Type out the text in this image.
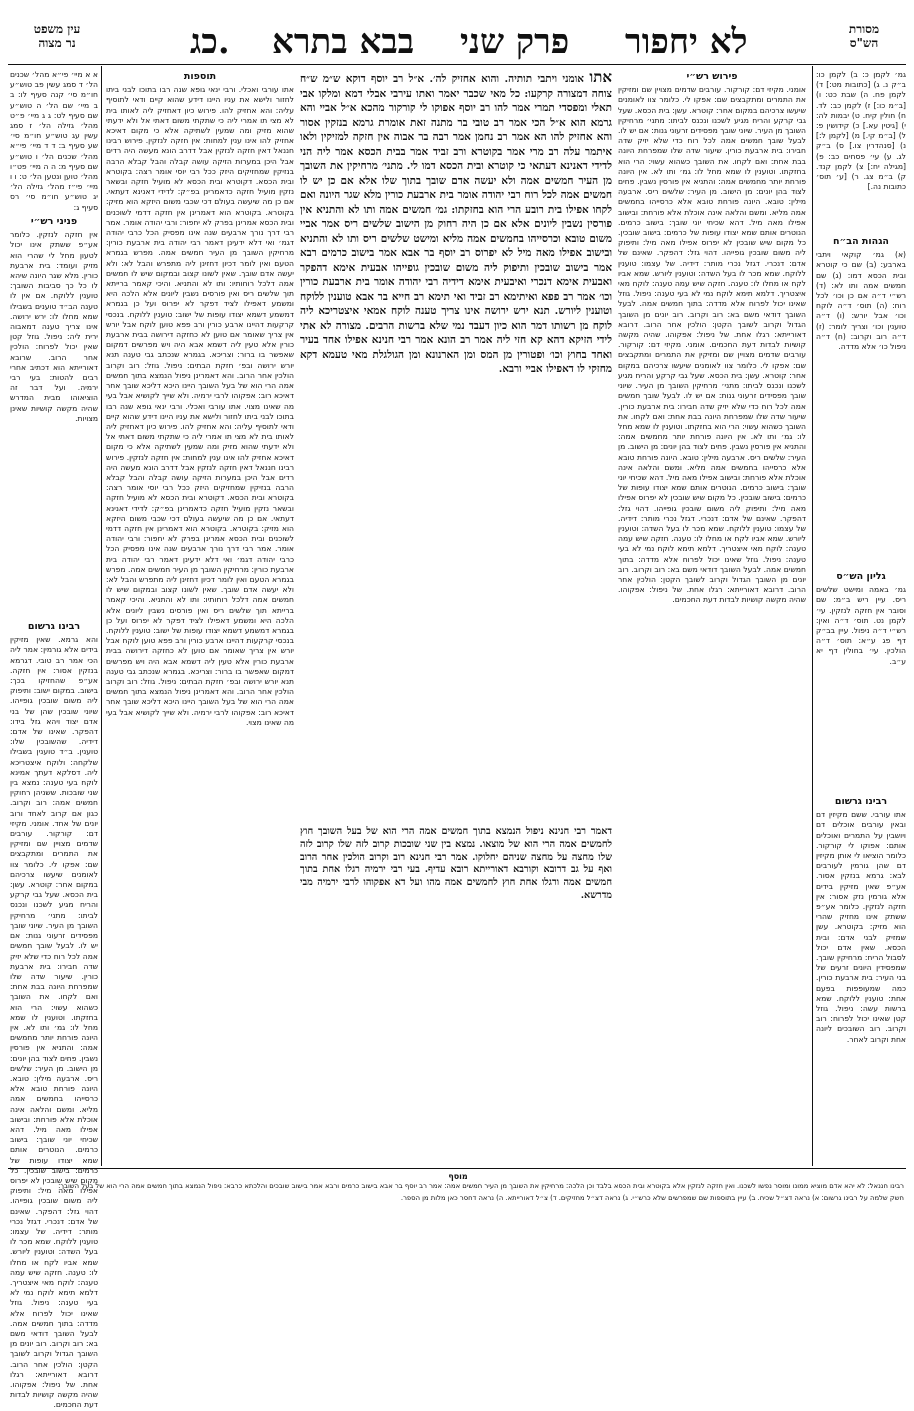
עין משפט
נר מצוה	כג. בבא בתרא פרק שני לא יחפור	מסורת
הש"ס
א א מיי׳ פי״א מהל׳ שכנים הל׳ ד סמג עשין פב טוש״ע חו״מ סי׳ קנה סעיף לו: ב ב מיי׳ שם הל׳ ה טוש״ע שם סעיף לט: ג ג מיי׳ פ״ט מהל׳ גזילה הל׳ ז סמג עשין עג טוש״ע חו״מ סי׳ שע סעיף ב: ד ד מיי׳ פי״א מהל׳ שכנים הל׳ ו טוש״ע שם סעיף מ: ה ה מיי׳ פט״ו מהל׳ טוען ונטען הל׳ ט: ו ו מיי׳ פי״ז מהל׳ גזילה הל׳ יג טוש״ע חו״מ סי׳ רס סעיף ג:
פניני רש״י
אין חזקה לנזקין. כלומר אע״פ ששתק אינו יכול לטעון מחל לי שהרי הוא מזיק ועומד: בית ארבעת כורין. מלא שגר היונה שיהא לו כל כך סביבות השובך: טוענין ללוקח. אם אין לו טענה הב״ד טוענים בשבילו שמא מחלו לו: ירש ירושה. אינו צריך טענה דמאבוה ירית ליה: ניפול. גוזל קטן שאין יכול לפרוח: הולכין אחר הרוב. שרובא דאורייתא הוא דכתיב אחרי רבים להטות: בעי רבי ירמיה. ועל דבר זה הוציאוהו מבית המדרש שהיה מקשה קושיות שאינן מצויות.
רבינו גרשום
והא גרמא. שאין מזיקין בידים אלא גורמין: אמר ליה הכי אמר רב טובי. דגרמא בנזקין אסור: אין חזקה. אע״פ שהחזיקו בכך: בישוב. במקום ישוב: ותיפוק ליה משום שובכין גופייהו. שיוני שובכין שהן של בני אדם יצוד ויהא גזל בידו: דהפקר. שאינו של אדם: דידיה. שהשובכין שלו: טוענין. ב״ד טוענין בשבילו שלקחה: ולוקח איצטריכא ליה. דסלקא דעתך אמינא לוקח בעי טענה: נמצא בין שני שובכות. ששניהן רחוקין חמשים אמה: רוב וקרוב. כגון אם קרוב לאחד ורוב יונים של אחד. אומני. מקיזי דם: קורקור. עורבים שדמים מצויין שם ומזיקין את התמרים ומתקבצים שם: אפקו לי. כלומר צוו לאומנים שיעשו צרכיהם במקום אחר: קוטרא. עשן: בית הכסא. שעל גבי קרקע והריח מגיע לשכנו ונכנס לביתו: מתני׳ מרחיקין השובך מן העיר. שיוני שובך מפסידים זרעוני גנות: אם יש לו. לבעל שובך חמשים אמה לכל רוח כדי שלא יזיק שדה חבירו: בית ארבעת כורין. שיעור שדה שלו שמפרחת היונה בבת אחת: ואם לקחו. את השובך כשהוא עשוי: הרי הוא בחזקתו. וטוענין לו שמא מחל לו: גמ׳ ותו לא. אין היונה פורחת יותר מחמשים אמה: והתניא אין פורסין נשבין. פחים לצוד בהן יונים: מן הישוב. מן העיר: שלשים ריס. ארבעה מילין: טובא. היונה פורחת טובא אלא כרסייהו בחמשים אמה מליא. ומשם והלאה אינה אוכלת אלא פורחת: ובישוב אפילו מאה מיל. דהא שכיחי יוני שובך: בישוב כרמים. הנוטרים אותם שמא יצודו עופות של כרמים: בישוב שובכין. כל מקום שיש שובכין לא יפרוס אפילו מאה מיל: ותיפוק ליה משום שובכין גופייהו. דהוי גזל: דהפקר. שאינם של אדם: דנכרי. דגזל נכרי מותר: דידיה. של עצמו: טוענין ללוקח. שמא מכר לו בעל השדה: וטוענין ליורש. שמא אביו לקח או מחלו לו: טענה. חזקה שיש עמה טענה: לוקח מאי איצטריך. דלמא תימא לוקח נמי לא בעי טענה: ניפול. גוזל שאינו יכול לפרוח אלא מדדה: בתוך חמשים אמה. לבעל השובך דודאי משם בא: רוב וקרוב. רוב יונים מן השובך הגדול וקרוב לשובך הקטן: הולכין אחר הרוב. דרובא דאורייתא: רגלו אחת. של ניפול: אפקוהו. שהיה מקשה קושיות לבדות דעת החכמים.
תוספות
אתו עורבי ואכלי. ורבי ינאי גופא שנה רבו בתוכו לבני ביתו לחזור ולישא את עניו היינו דידע שהוא קיים ודאי לתוסיף עליה: והא אחזיק להו. פירוש כיון דאחזיק ליה לאותו בית לא מצי תו אמרי ליה כי שתקתי משום דאתי אל ולא ידעתי שהוא מזיק ומה שמעין לשתיקה אלא כי מקום דאיכא אחזיק להו אינו ענין למחות: אין חזקה לנזקין. פירוש רבינו חננאל דאין חזקה לנזקין אבל דדרב הונא מעשה היה רדים אבל היכן במערות הזיקה עושה קבלה והבל קבלא הרבה בנזיקין שמחזיקים היזק ככל רבי יוסי אומר רצה: בקוטרא ובית הכסא. דקוטרא ובית הכסא לא מועיל חזקה ובשאר נזקין מועיל חזקה כדאמרינן בפ״ק: לדידי דאנינא דעתאי. אם כן מה שיעשה בעולם דכי שכבי משום היזקא הוא מזיק: בקוטרא. בקוטרא הוא דאמרינן אין חזקה דדמי לשוכנים ובית הכסא אמרינן בפרק לא יחפור: ורבי יהודה אומר. אמר רבי דרך נורך ארבעים שנה אינו מפסיק הכל כרבי יהודה דגמ׳ ואי דלא ידעינן דאמר רבי יהודה בית ארבעת כורין: מרחיקין השובך מן העיר חמשים אמה. מפרש בגמרא הטעם ואין לומר דכיון דחזינן ליה מתפרש והבל לא: ולא יעשה אדם שובך. שאין לשונו קצוב ובמקום שיש לו חמשים אמה דלכל רוחותיו: ותו לא והתניא. והיכי קאמר ברייתא תוך שלשים ריס ואין פורסים נשבין ליונים אלא הלכה היא ומשמע דאפילו לציד דפקר לא יפרוס ועל כן בגמרא דמשמע דשמא יצודו עופות של ישוב: טוענין ללוקח. בנכסי קרקעות דהיינו ארבע כורין ורב פפא טוען לוקח אבל יורש אין צריך שאומר אם טוען לא כחזקה דירושה בבית ארבעת כורין אלא טעין ליה דשמא אבא היה ויש מפרשים דמקום שאפשר בו ברור: וצריכא. בגמרא שנכתב גבי טענה תנא יורש ירושה ובפ׳ חזקת הבתים: ניפול. גוזל: רוב וקרוב הולכין אחר הרוב. והא דאמרינן ניפול הנמצא בתוך חמשים אמה הרי הוא של בעל השובך היינו היכא דליכא שובך אחר דאיכא רוב: אפקוהו לרבי ירמיה. ולא שייך לקושיא אבל בעי מה שאינו מצוי. אתו עורבי ואכלי. ורבי ינאי גופא שנה רבו בתוכו לבני ביתו לחזור ולישא את עניו היינו דידע שהוא קיים ודאי לתוסיף עליה: והא אחזיק להו. פירוש כיון דאחזיק ליה לאותו בית לא מצי תו אמרי ליה כי שתקתי משום דאתי אל ולא ידעתי שהוא מזיק ומה שמעין לשתיקה אלא כי מקום דאיכא אחזיק להו אינו ענין למחות: אין חזקה לנזקין. פירוש רבינו חננאל דאין חזקה לנזקין אבל דדרב הונא מעשה היה רדים אבל היכן במערות הזיקה עושה קבלה והבל קבלא הרבה בנזיקין שמחזיקים היזק ככל רבי יוסי אומר רצה: בקוטרא ובית הכסא. דקוטרא ובית הכסא לא מועיל חזקה ובשאר נזקין מועיל חזקה כדאמרינן בפ״ק: לדידי דאנינא דעתאי. אם כן מה שיעשה בעולם דכי שכבי משום היזקא הוא מזיק: בקוטרא. בקוטרא הוא דאמרינן אין חזקה דדמי לשוכנים ובית הכסא אמרינן בפרק לא יחפור: ורבי יהודה אומר. אמר רבי דרך נורך ארבעים שנה אינו מפסיק הכל כרבי יהודה דגמ׳ ואי דלא ידעינן דאמר רבי יהודה בית ארבעת כורין: מרחיקין השובך מן העיר חמשים אמה. מפרש בגמרא הטעם ואין לומר דכיון דחזינן ליה מתפרש והבל לא: ולא יעשה אדם שובך. שאין לשונו קצוב ובמקום שיש לו חמשים אמה דלכל רוחותיו: ותו לא והתניא. והיכי קאמר ברייתא תוך שלשים ריס ואין פורסים נשבין ליונים אלא הלכה היא ומשמע דאפילו לציד דפקר לא יפרוס ועל כן בגמרא דמשמע דשמא יצודו עופות של ישוב: טוענין ללוקח. בנכסי קרקעות דהיינו ארבע כורין ורב פפא טוען לוקח אבל יורש אין צריך שאומר אם טוען לא כחזקה דירושה בבית ארבעת כורין אלא טעין ליה דשמא אבא היה ויש מפרשים דמקום שאפשר בו ברור: וצריכא. בגמרא שנכתב גבי טענה תנא יורש ירושה ובפ׳ חזקת הבתים: ניפול. גוזל: רוב וקרוב הולכין אחר הרוב. והא דאמרינן ניפול הנמצא בתוך חמשים אמה הרי הוא של בעל השובך היינו היכא דליכא שובך אחר דאיכא רוב: אפקוהו לרבי ירמיה. ולא שייך לקושיא אבל בעי מה שאינו מצוי.
פירוש רש״י
אומני. מקיזי דם: קורקור. עורבים שדמים מצויין שם ומזיקין את התמרים ומתקבצים שם: אפקו לי. כלומר צוו לאומנים שיעשו צרכיהם במקום אחר: קוטרא. עשן: בית הכסא. שעל גבי קרקע והריח מגיע לשכנו ונכנס לביתו: מתני׳ מרחיקין השובך מן העיר. שיוני שובך מפסידים זרעוני גנות: אם יש לו. לבעל שובך חמשים אמה לכל רוח כדי שלא יזיק שדה חבירו: בית ארבעת כורין. שיעור שדה שלו שמפרחת היונה בבת אחת: ואם לקחו. את השובך כשהוא עשוי: הרי הוא בחזקתו. וטוענין לו שמא מחל לו: גמ׳ ותו לא. אין היונה פורחת יותר מחמשים אמה: והתניא אין פורסין נשבין. פחים לצוד בהן יונים: מן הישוב. מן העיר: שלשים ריס. ארבעה מילין: טובא. היונה פורחת טובא אלא כרסייהו בחמשים אמה מליא. ומשם והלאה אינה אוכלת אלא פורחת: ובישוב אפילו מאה מיל. דהא שכיחי יוני שובך: בישוב כרמים. הנוטרים אותם שמא יצודו עופות של כרמים: בישוב שובכין. כל מקום שיש שובכין לא יפרוס אפילו מאה מיל: ותיפוק ליה משום שובכין גופייהו. דהוי גזל: דהפקר. שאינם של אדם: דנכרי. דגזל נכרי מותר: דידיה. של עצמו: טוענין ללוקח. שמא מכר לו בעל השדה: וטוענין ליורש. שמא אביו לקח או מחלו לו: טענה. חזקה שיש עמה טענה: לוקח מאי איצטריך. דלמא תימא לוקח נמי לא בעי טענה: ניפול. גוזל שאינו יכול לפרוח אלא מדדה: בתוך חמשים אמה. לבעל השובך דודאי משם בא: רוב וקרוב. רוב יונים מן השובך הגדול וקרוב לשובך הקטן: הולכין אחר הרוב. דרובא דאורייתא: רגלו אחת. של ניפול: אפקוהו. שהיה מקשה קושיות לבדות דעת החכמים. אומני. מקיזי דם: קורקור. עורבים שדמים מצויין שם ומזיקין את התמרים ומתקבצים שם: אפקו לי. כלומר צוו לאומנים שיעשו צרכיהם במקום אחר: קוטרא. עשן: בית הכסא. שעל גבי קרקע והריח מגיע לשכנו ונכנס לביתו: מתני׳ מרחיקין השובך מן העיר. שיוני שובך מפסידים זרעוני גנות: אם יש לו. לבעל שובך חמשים אמה לכל רוח כדי שלא יזיק שדה חבירו: בית ארבעת כורין. שיעור שדה שלו שמפרחת היונה בבת אחת: ואם לקחו. את השובך כשהוא עשוי: הרי הוא בחזקתו. וטוענין לו שמא מחל לו: גמ׳ ותו לא. אין היונה פורחת יותר מחמשים אמה: והתניא אין פורסין נשבין. פחים לצוד בהן יונים: מן הישוב. מן העיר: שלשים ריס. ארבעה מילין: טובא. היונה פורחת טובא אלא כרסייהו בחמשים אמה מליא. ומשם והלאה אינה אוכלת אלא פורחת: ובישוב אפילו מאה מיל. דהא שכיחי יוני שובך: בישוב כרמים. הנוטרים אותם שמא יצודו עופות של כרמים: בישוב שובכין. כל מקום שיש שובכין לא יפרוס אפילו מאה מיל: ותיפוק ליה משום שובכין גופייהו. דהוי גזל: דהפקר. שאינם של אדם: דנכרי. דגזל נכרי מותר: דידיה. של עצמו: טוענין ללוקח. שמא מכר לו בעל השדה: וטוענין ליורש. שמא אביו לקח או מחלו לו: טענה. חזקה שיש עמה טענה: לוקח מאי איצטריך. דלמא תימא לוקח נמי לא בעי טענה: ניפול. גוזל שאינו יכול לפרוח אלא מדדה: בתוך חמשים אמה. לבעל השובך דודאי משם בא: רוב וקרוב. רוב יונים מן השובך הגדול וקרוב לשובך הקטן: הולכין אחר הרוב. דרובא דאורייתא: רגלו אחת. של ניפול: אפקוהו. שהיה מקשה קושיות לבדות דעת החכמים.
אתו אומני ויתבי תותיה. והוא אחזיק לה׳. א״ל רב יוסף דוקא ש״מ ש״ח צוחה דמצורה קרקעו: כל מאי שכבר יאמר ואתו עירבי אבלי דמא ומלקו אבי תאלי ומפסדי תמרי אמר להו רב יוסף אפוקו לי קורקור מהכא א״ל אביי והא גרמא הוא א״ל הכי אמר רב טובי בר מתנה זאת אומרת גרמא בנזקין אסור והא אחזיק להו הא אמר רב נחמן אמר רבה בר אבוה אין חזקה למזיקין ולאו איתמר עלה רב מרי אמר בקוטרא ורב זביד אמר בבית הכסא אמר ליה הני לדידי דאנינא דעתאי כי קוטרא ובית הכסא דמו לי. מתני׳ מרחיקין את השובך מן העיר חמשים אמה ולא יעשה אדם שובך בתוך שלו אלא אם כן יש לו חמשים אמה לכל רוח רבי יהודה אומר בית ארבעת כורין מלא שגר היונה ואם לקחו אפילו בית רובע הרי הוא בחזקתו: גמ׳ חמשים אמה ותו לא והתניא אין פורסין נשבין ליונים אלא אם כן היה רחוק מן הישוב שלשים ריס אמר אביי משום טובא וכרסייהו בחמשים אמה מליא ומישט שלשים ריס ותו לא והתניא ובישוב אפילו מאה מיל לא יפרוס רב יוסף בר אבא אמר בישוב כרמים רבא אמר בישוב שובכין ותיפוק ליה משום שובכין גופייהו אבעית אימא דהפקר ואבעית אימא דנכרי ואיבעית אימא דידיה רבי יהודה אומר בית ארבעת כורין וכו׳ אמר רב פפא ואיתימא רב זביד ואי תימא רב חייא בר אבא טוענין ללוקח וטוענין ליורש. תנא ירש ירושה אינו צריך טענה לוקח אמאי איצטריכא ליה לוקח מן רשותו דמר הוא כיון דעבד נמי שלא ברשות הרבים. מצורה לא אתי לידי הזיקא דהא קא חזי ליה אמר רב הונא אמר רבי חנינא אפילו אחד בעיר ואחד בחוץ וכו׳ ופטורין מן המס ומן הארנונא ומן הגולגלת מאי טעמא דקא מחזקי לו דאפילו אביי ורבא.
דאמר רבי חנינא ניפול הנמצא בתוך חמשים אמה הרי הוא של בעל השובך חוץ לחמשים אמה הרי הוא של מוצאו. נמצא בין שני שובכות קרוב לזה שלו קרוב לזה שלו מחצה על מחצה שניהם יחלוקו. אמר רבי חנינא רוב וקרוב הולכין אחר הרוב ואף על גב דרובא וקורבא דאורייתא רובא עדיף. בעי רבי ירמיה רגלו אחת בתוך חמשים אמה ורגלו אחת חוץ לחמשים אמה מהו ועל דא אפקוהו לרבי ירמיה מבי מדרשא.
גמ׳ לקמן כ: ב) לקמן כו: ב״ק נ. ג) [כתובות מט:] ד) לקמן פח. ה) שבת כט: ו) [ב״מ כו:] ז) לקמן כב: לד. ח) חולין קיח. ט) יבמות לה: י) [גיטין עא.] כ) קידושין פ: ל) [ב״מ קי.] מ) [לקמן ל:] נ) [סנהדרין צו.] ס) ב״ק לג. ע) עי׳ פסחים כב: פ) [מגילה יח:] צ) לקמן קנד. ק) ב״מ צג. ר) [ע׳ תוס׳ כתובות נה.]
הגהות הב״ח
(א) גמ׳ קוקאי ויתבי בארבע: (ב) שם כי קוטרא ובית הכסא דמו: (ג) שם חמשים אמה ותו לא: (ד) רש״י ד״ה אם כן וכו׳ לכל רוח: (ה) תוס׳ ד״ה לוקח וכו׳ אבל יורש: (ו) ד״ה טוענין וכו׳ וצריך לומר: (ז) ד״ה רוב וקרוב: (ח) ד״ה ניפול כו׳ אלא מדדה.
גליון הש״ס
גמ׳ באמה ומישט שלשים ריס. עיין ריש ב״מ: שם וסובר אין חזקה לנזקין. עי׳ לקמן נט. תוס׳ ד״ה ואין: רש״י ד״ה ניפול. עיין בב״ק דף פג ע״א: תוס׳ ד״ה הולכין. עי׳ בחולין דף יא ע״ב.
רבינו גרשום
אתו עורבי. ששם מקיזין דם ובאין עורבים אוכלים דם ויושבין על התמרים ואוכלים אותם: אפוקו לי קורקור. כלומר הוציאו לי אותן מקיזין דם שהן גורמין לעורבים לבא: גרמא בנזקין אסור. אע״פ שאין מזיקין בידים אלא גורמין נזק אסור: אין חזקה לנזקין. כלומר אע״פ ששתק אינו מחזיק שהרי הוא מזיק: בקוטרא. עשן שמזיק לבני אדם: ובית הכסא. שאין אדם יכול לסבול הריח: מרחיקין שובך. שמפסידין היונים זרעים של בני העיר: בית ארבעת כורין. כמה שמעופפות בפעם אחת: טוענין ללוקח. שמא ברשות עשה: ניפול. גוזל קטן שאינו יכול לפרוח: רוב וקרוב. רוב השובכים ליונה אחת וקרוב לאחר.
מוסף
רבינו חננאל: לא יהא אדם מוציא ממונו ומוסר נפשו לשכנו. ואין חזקה לנזקין אלא בקוטרא ובית הכסא בלבד וכן הלכה: מרחיקין את השובך מן העיר חמשים אמה: אמר רב יוסף בר אבא בישוב כרמים ורבא אמר בישוב שובכים והלכתא כרבא: ניפול הנמצא בתוך חמשים אמה הרי הוא של בעל השובך:
חשק שלמה על רבינו גרשום: א) נראה דצ״ל שכיח. ב) עיין בתוספות שם שמפרשים שלא כרש״י. ג) נראה דצ״ל מחזיקים. ד) צ״ל דאורייתא. ה) נראה דחסר כאן מלות מן הספר.
